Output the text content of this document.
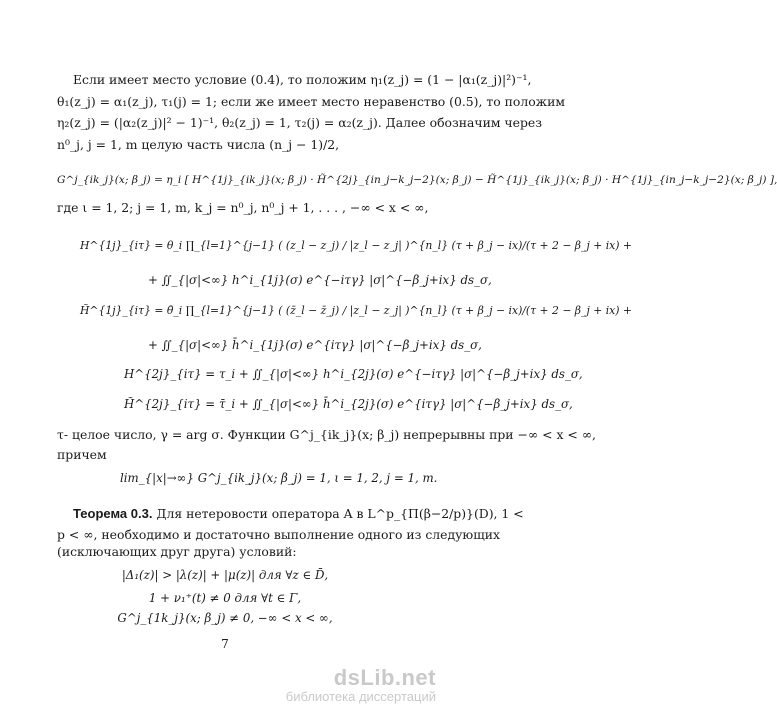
Если имеет место условие (0.4), то положим η₁(z_j) = (1 − |α₁(z_j)|²)⁻¹,
θ₁(z_j) = α₁(z_j), τ₁(j) = 1; если же имеет место неравенство (0.5), то положим
η₂(z_j) = (|α₂(z_j)|² − 1)⁻¹, θ₂(z_j) = 1, τ₂(j) = α₂(z_j). Далее обозначим через
n⁰_j, j = 1, m целую часть числа (n_j − 1)/2,
G^j_{ik_j}(x; β_j) = η_i [ H^{1j}_{ik_j}(x; β_j) · H̃^{2j}_{in_j−k_j−2}(x; β_j) − H̃^{1j}_{ik_j}(x; β_j) · H^{1j}_{in_j−k_j−2}(x; β_j) ],
где ι = 1, 2; j = 1, m, k_j = n⁰_j, n⁰_j + 1, . . . , −∞ < x < ∞,
H^{1j}_{iτ} = θ_i ∏_{l=1}^{j−1} ( (z_l − z_j) / |z_l − z_j| )^{n_l} (τ + β_j − ix)/(τ + 2 − β_j + ix) +
+ ∬_{|σ|<∞} h^i_{1j}(σ) e^{−iτγ} |σ|^{−β_j+ix} ds_σ,
H̃^{1j}_{iτ} = θ̄_i ∏_{l=1}^{j−1} ( (z̄_l − z̄_j) / |z_l − z_j| )^{n_l} (τ + β_j − ix)/(τ + 2 − β_j + ix) +
+ ∬_{|σ|<∞} h̄^i_{1j}(σ) e^{iτγ} |σ|^{−β_j+ix} ds_σ,
H^{2j}_{iτ} = τ_i + ∬_{|σ|<∞} h^i_{2j}(σ) e^{−iτγ} |σ|^{−β_j+ix} ds_σ,
H̃^{2j}_{iτ} = τ̄_i + ∬_{|σ|<∞} h̄^i_{2j}(σ) e^{iτγ} |σ|^{−β_j+ix} ds_σ,
τ- целое число, γ = arg σ. Функции G^j_{ik_j}(x; β_j) непрерывны при −∞ < x < ∞,
причем
lim_{|x|→∞} G^j_{ik_j}(x; β_j) = 1, ι = 1, 2, j = 1, m.
Теорема 0.3. Для нетеровости оператора A в L^p_{Π(β−2/p)}(D), 1 <
p < ∞, необходимо и достаточно выполнение одного из следующих
(исключающих друг друга) условий:
|Δ₁(z)| > |λ(z)| + |μ(z)| для ∀z ∈ D̄,
1 + ν₁⁺(t) ≠ 0 для ∀t ∈ Γ,
G^j_{1k_j}(x; β_j) ≠ 0, −∞ < x < ∞,
7
dsLib.net
библиотека диссертаций
